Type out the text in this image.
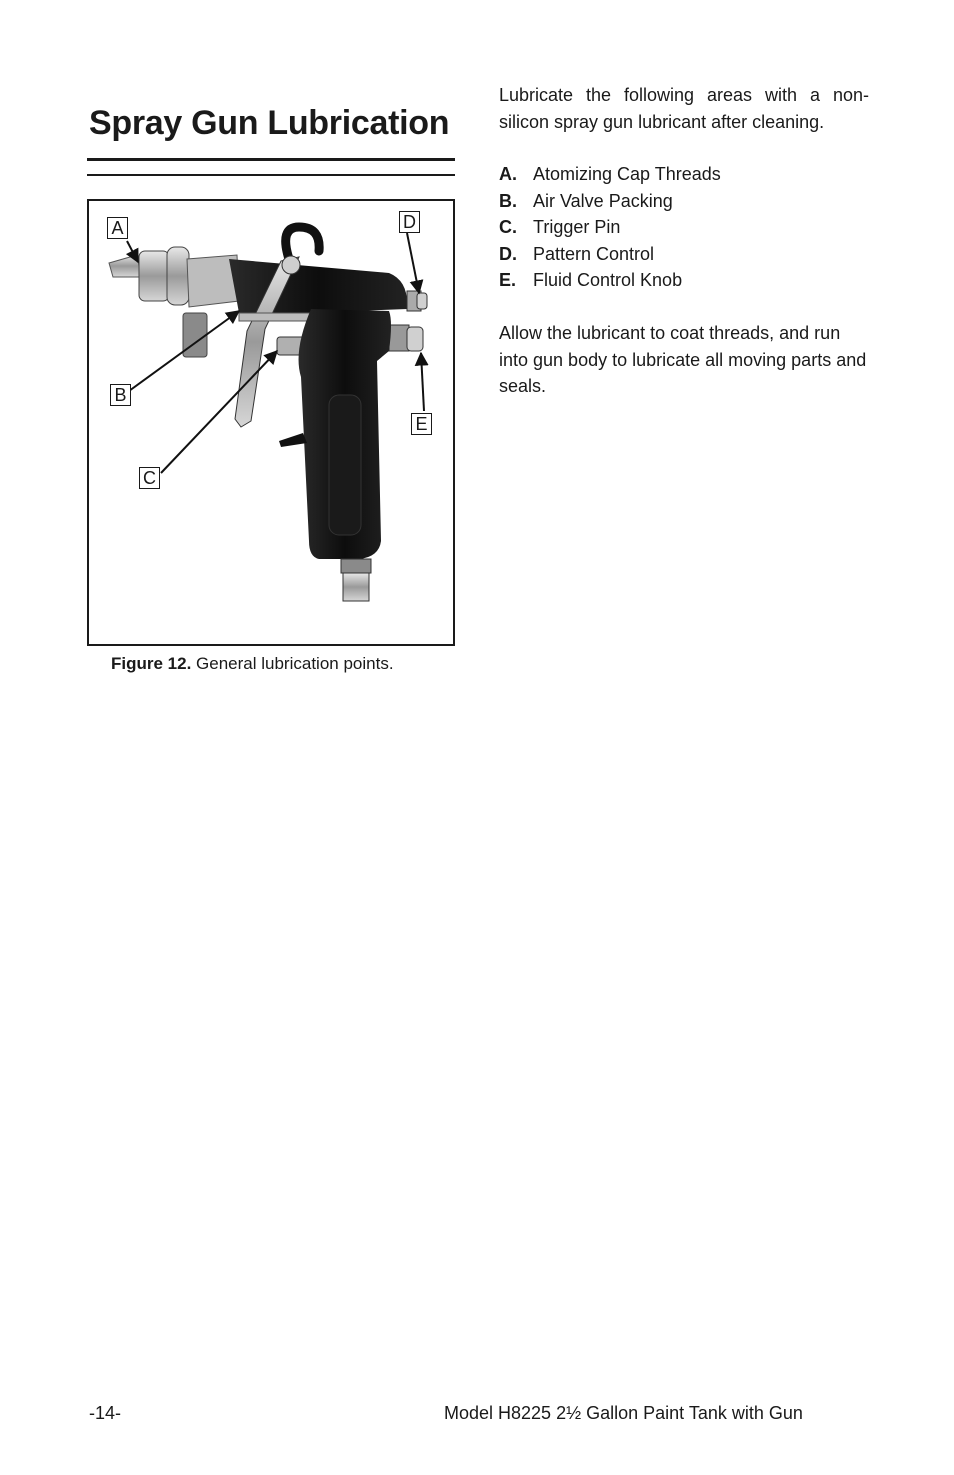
Spray Gun Lubrication
A
B
C
D
E
Figure 12. General lubrication points.

Lubricate the following areas with a non-silicon spray gun lubricant after cleaning.

A. Atomizing Cap Threads
B. Air Valve Packing
C. Trigger Pin
D. Pattern Control
E. Fluid Control Knob

Allow the lubricant to coat threads, and run into gun body to lubricate all moving parts and seals.

-14-	Model H8225 2½ Gallon Paint Tank with Gun
